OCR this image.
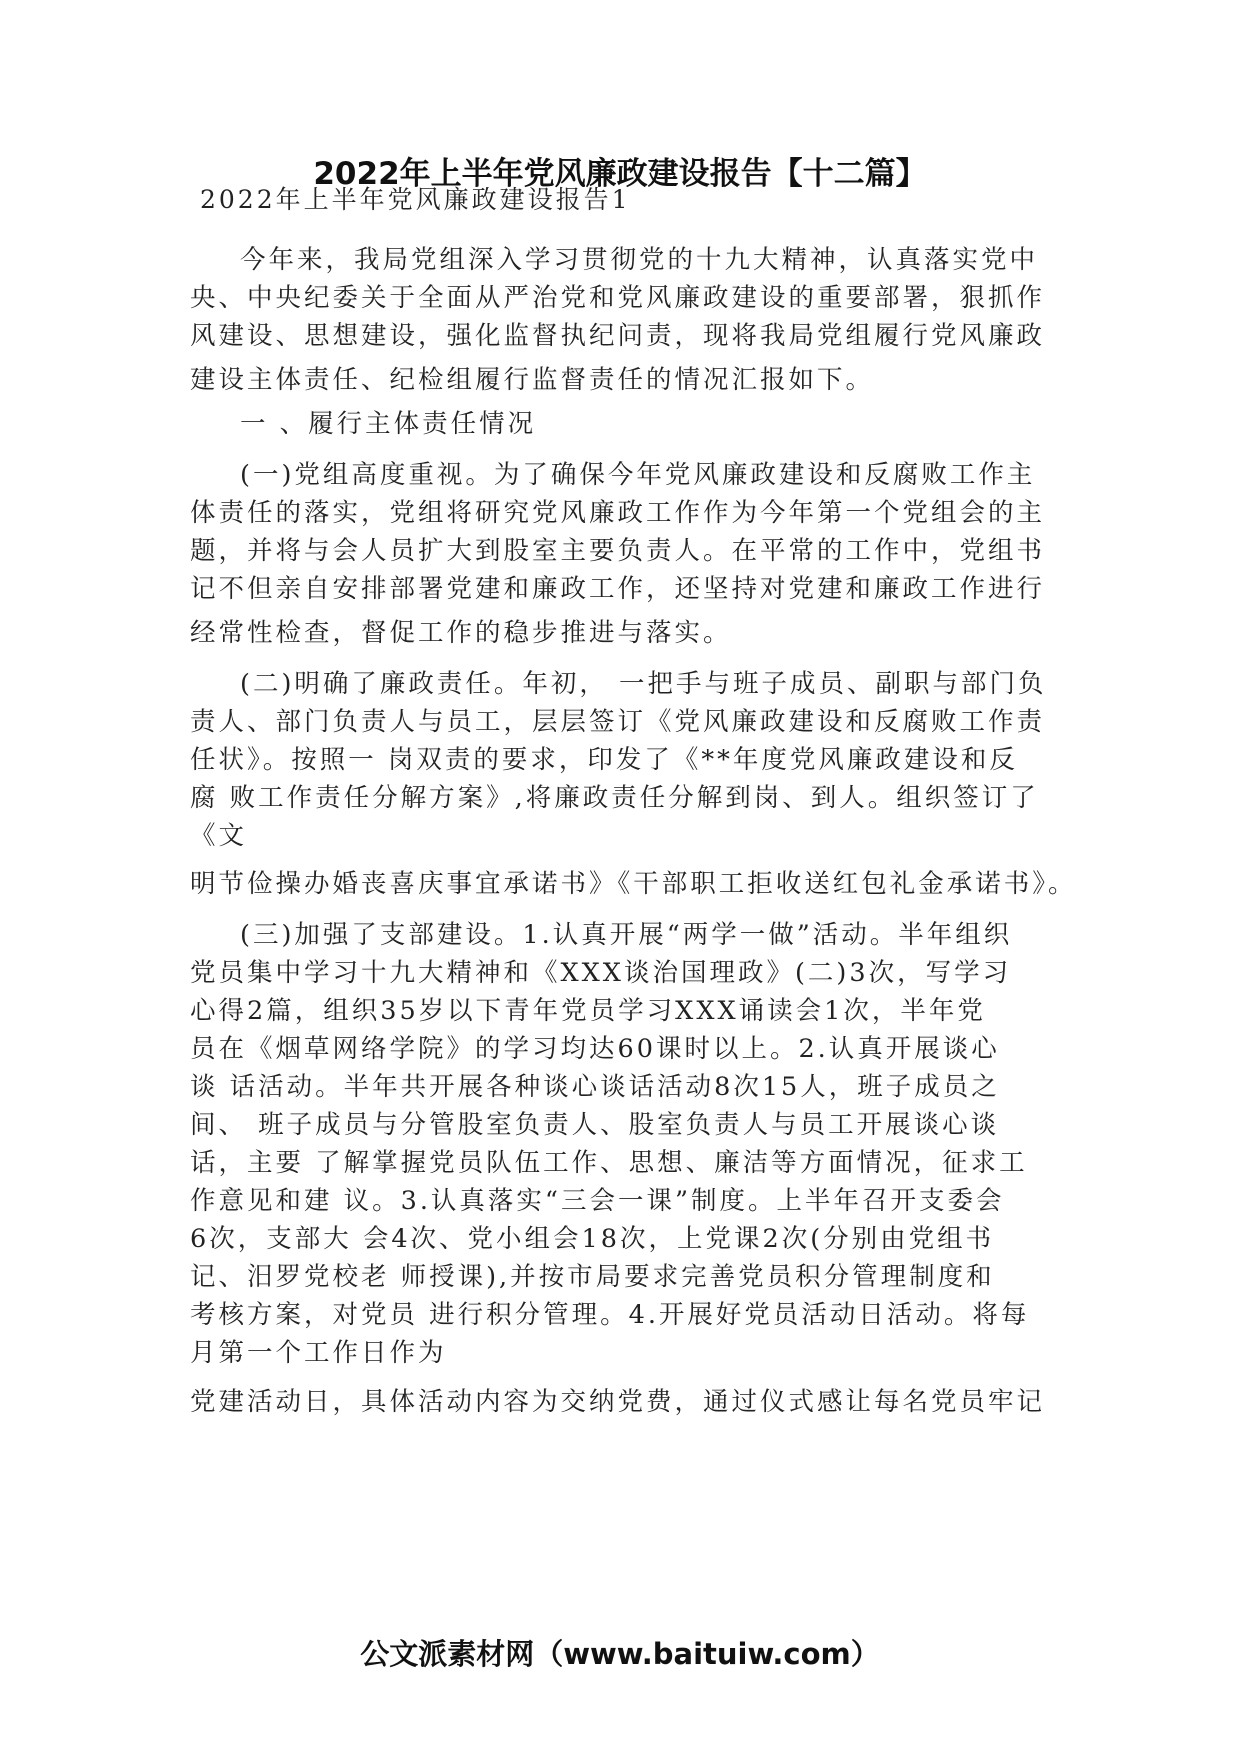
2022年上半年党风廉政建设报告【十二篇】
2022年上半年党风廉政建设报告1
今年来，我局党组深入学习贯彻党的十九大精神，认真落实党中
央、中央纪委关于全面从严治党和党风廉政建设的重要部署，狠抓作
风建设、思想建设，强化监督执纪问责，现将我局党组履行党风廉政
建设主体责任、纪检组履行监督责任的情况汇报如下。
一 、履行主体责任情况
(一)党组高度重视。为了确保今年党风廉政建设和反腐败工作主
体责任的落实，党组将研究党风廉政工作作为今年第一个党组会的主
题，并将与会人员扩大到股室主要负责人。在平常的工作中，党组书
记不但亲自安排部署党建和廉政工作，还坚持对党建和廉政工作进行
经常性检查，督促工作的稳步推进与落实。
(二)明确了廉政责任。年初， 一把手与班子成员、副职与部门负
责人、部门负责人与员工，层层签订《党风廉政建设和反腐败工作责
任状》。按照一 岗双责的要求，印发了《**年度党风廉政建设和反
腐 败工作责任分解方案》,将廉政责任分解到岗、到人。组织签订了
《文
明节俭操办婚丧喜庆事宜承诺书》《干部职工拒收送红包礼金承诺书》。
(三)加强了支部建设。1.认真开展“两学一做”活动。半年组织
党员集中学习十九大精神和《XXX谈治国理政》(二)3次，写学习
心得2篇，组织35岁以下青年党员学习XXX诵读会1次，半年党
员在《烟草网络学院》的学习均达60课时以上。2.认真开展谈心
谈 话活动。半年共开展各种谈心谈话活动8次15人，班子成员之
间、 班子成员与分管股室负责人、股室负责人与员工开展谈心谈
话，主要 了解掌握党员队伍工作、思想、廉洁等方面情况，征求工
作意见和建 议。3.认真落实“三会一课”制度。上半年召开支委会
6次，支部大 会4次、党小组会18次，上党课2次(分别由党组书
记、汨罗党校老 师授课),并按市局要求完善党员积分管理制度和
考核方案，对党员 进行积分管理。4.开展好党员活动日活动。将每
月第一个工作日作为
党建活动日，具体活动内容为交纳党费，通过仪式感让每名党员牢记
公文派素材网（www.baituiw.com）
